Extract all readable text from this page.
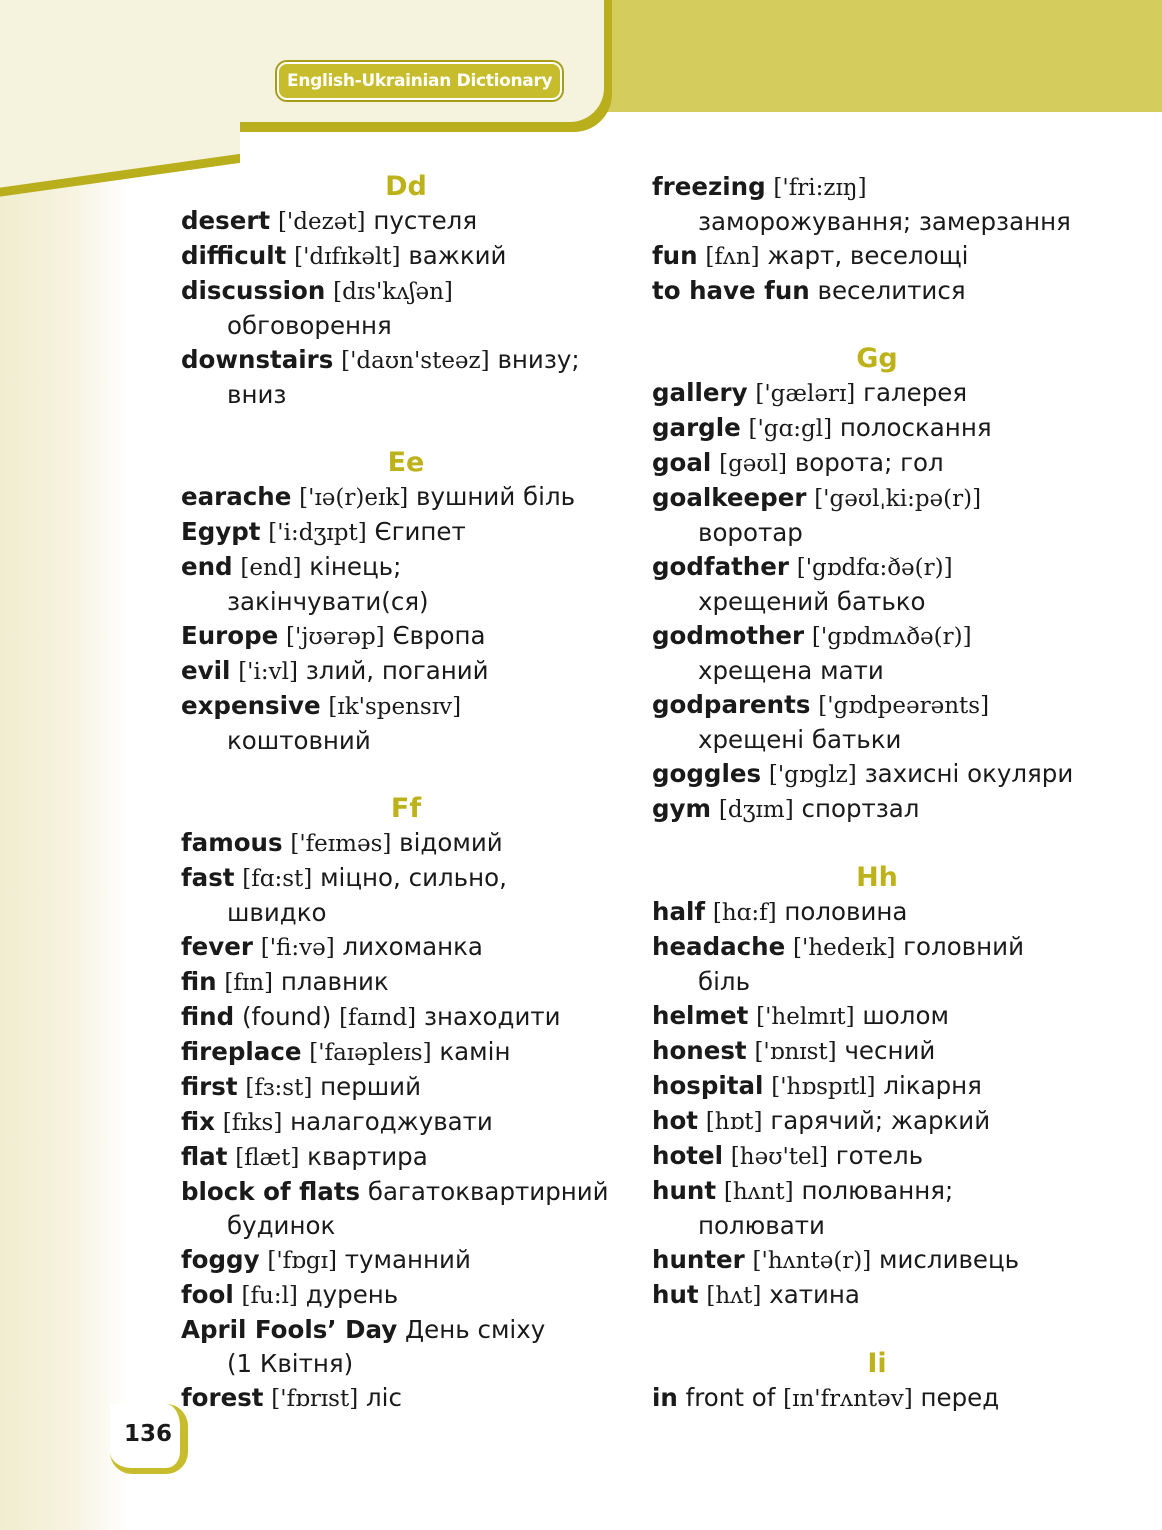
English-Ukrainian Dictionary
Dd
desert ['dezət] пустеля
difficult ['dɪfɪkəlt] важкий
discussion [dɪs'kʌʃən]
обговорення
downstairs ['daʊn'steəz] внизу;
вниз
Ee
earache ['ɪə(r)eɪk] вушний біль
Egypt ['i:dʒɪpt] Єгипет
end [end] кінець;
закінчувати(ся)
Europe ['jʊərəp] Європа
evil ['i:vl] злий, поганий
expensive [ɪk'spensɪv]
коштовний
Ff
famous ['feɪməs] відомий
fast [fɑ:st] міцно, сильно,
швидко
fever ['fi:və] лихоманка
fin [fɪn] плавник
find (found) [faɪnd] знаходити
fireplace ['faɪəpleɪs] камін
first [fɜ:st] перший
fix [fɪks] налагоджувати
flat [flæt] квартира
block of flats багатоквартирний
будинок
foggy ['fɒgɪ] туманний
fool [fu:l] дурень
April Fools’ Day День сміху
(1 Квітня)
forest ['fɒrɪst] ліс
freezing ['fri:zɪŋ]
заморожування; замерзання
fun [fʌn] жарт, веселощі
to have fun веселитися
Gg
gallery ['gælərɪ] галерея
gargle ['gɑ:gl] полоскання
goal [gəʊl] ворота; гол
goalkeeper ['gəʊlˌki:pə(r)]
воротар
godfather ['gɒdfɑ:ðə(r)]
хрещений батько
godmother ['gɒdmʌðə(r)]
хрещена мати
godparents ['gɒdpeərənts]
хрещені батьки
goggles ['gɒglz] захисні окуляри
gym [dʒɪm] спортзал
Hh
half [hɑ:f] половина
headache ['hedeɪk] головний
біль
helmet ['helmɪt] шолом
honest ['ɒnɪst] чесний
hospital ['hɒspɪtl] лікарня
hot [hɒt] гарячий; жаркий
hotel [həʊ'tel] готель
hunt [hʌnt] полювання;
полювати
hunter ['hʌntə(r)] мисливець
hut [hʌt] хатина
Ii
in front of [ɪn'frʌntəv] перед
136
